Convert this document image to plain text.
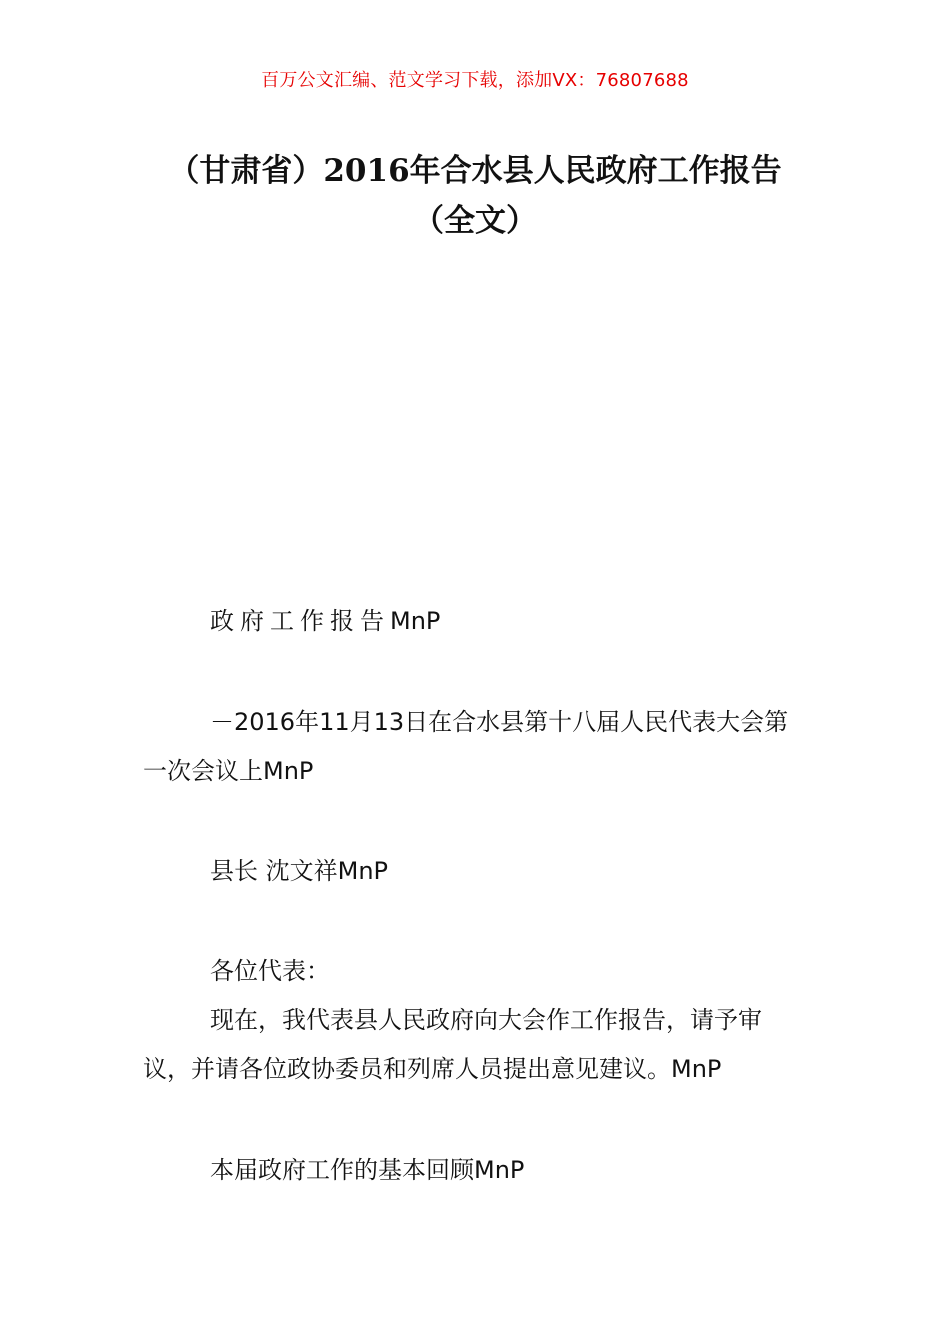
百万公文汇编、范文学习下载，添加VX：76807688
（甘肃省）2016年合水县人民政府工作报告（全文）
政府工作报告MnP
－2016年11月13日在合水县第十八届人民代表大会第一次会议上MnP
县长 沈文祥MnP
各位代表：
现在，我代表县人民政府向大会作工作报告，请予审议，并请各位政协委员和列席人员提出意见建议。MnP
本届政府工作的基本回顾MnP
